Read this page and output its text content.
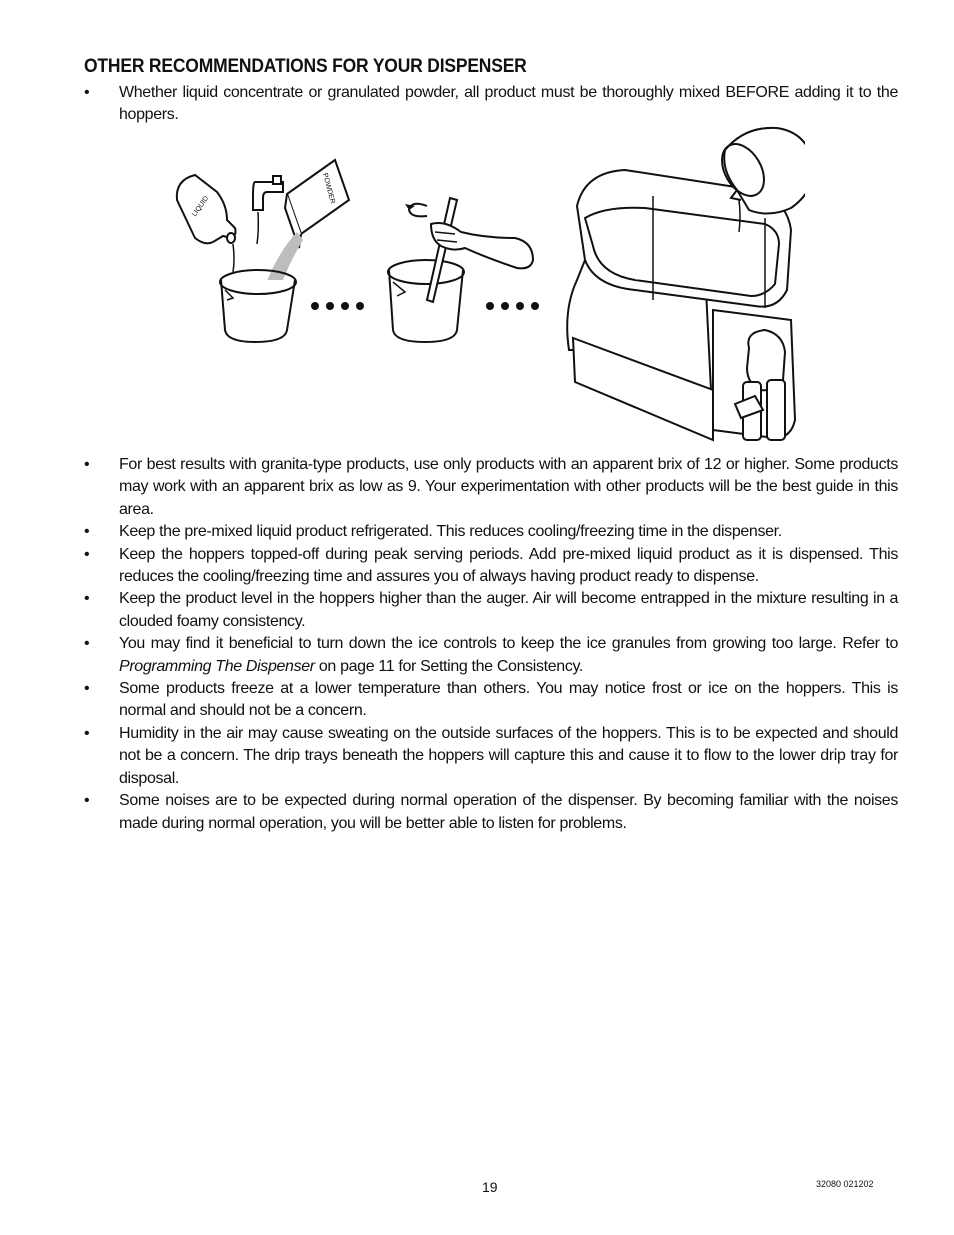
OTHER RECOMMENDATIONS FOR YOUR DISPENSER
• Whether liquid concentrate or granulated powder, all product must be thoroughly mixed BEFORE adding it to the hoppers.
LIQUID
POWDER
• For best results with granita-type products, use only products with an apparent brix of 12 or higher. Some products may work with an apparent brix as low as 9. Your experimentation with other products will be the best guide in this area.
• Keep the pre-mixed liquid product refrigerated. This reduces cooling/freezing time in the dispenser.
• Keep the hoppers topped-off during peak serving periods. Add pre-mixed liquid product as it is dispensed. This reduces the cooling/freezing time and assures you of always having product ready to dispense.
• Keep the product level in the hoppers higher than the auger. Air will become entrapped in the mixture resulting in a clouded foamy consistency.
• You may find it beneficial to turn down the ice controls to keep the ice granules from growing too large. Refer to Programming The Dispenser on page 11 for Setting the Consistency.
• Some products freeze at a lower temperature than others. You may notice frost or ice on the hoppers. This is normal and should not be a concern.
• Humidity in the air may cause sweating on the outside surfaces of the hoppers. This is to be expected and should not be a concern. The drip trays beneath the hoppers will capture this and cause it to flow to the lower drip tray for disposal.
• Some noises are to be expected during normal operation of the dispenser. By becoming familiar with the noises made during normal operation, you will be better able to listen for problems.
19	32080 021202
